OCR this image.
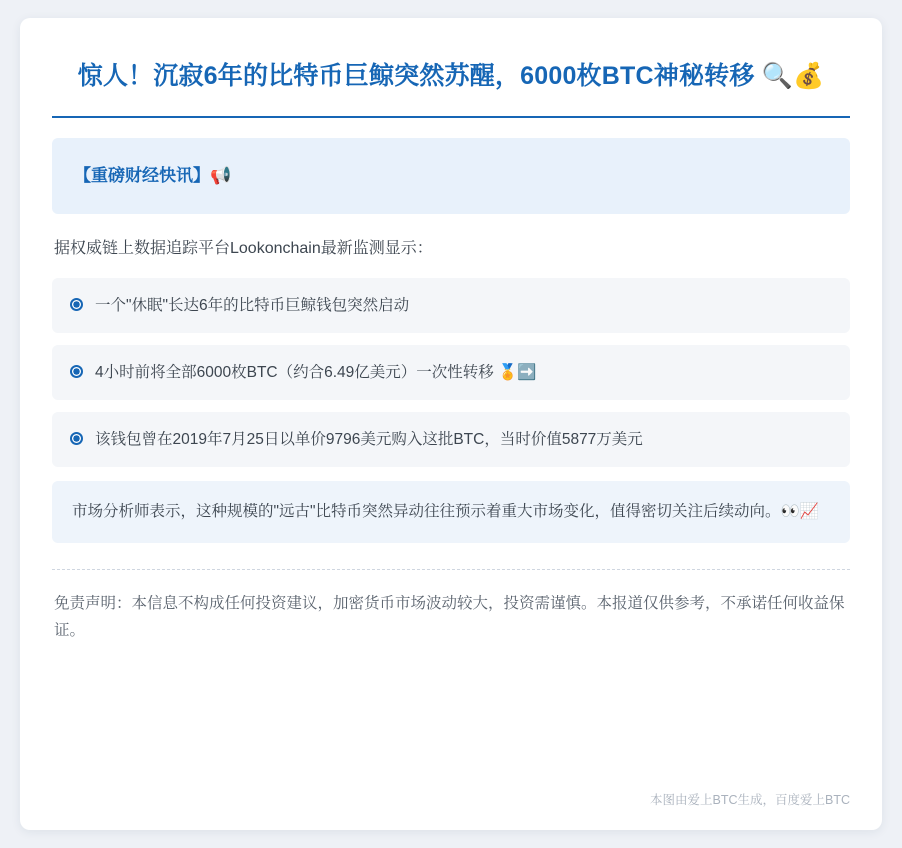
惊人！沉寂6年的比特币巨鲸突然苏醒，6000枚BTC神秘转移 🔍💰
【重磅财经快讯】📢

据权威链上数据追踪平台Lookonchain最新监测显示：

一个"休眠"长达6年的比特币巨鲸钱包突然启动
4小时前将全部6000枚BTC（约合6.49亿美元）一次性转移 🏅➡️
该钱包曾在2019年7月25日以单价9796美元购入这批BTC，当时价值5877万美元
市场分析师表示，这种规模的"远古"比特币突然异动往往预示着重大市场变化，值得密切关注后续动向。👀📈

免责声明：本信息不构成任何投资建议，加密货币市场波动较大，投资需谨慎。本报道仅供参考，不承诺任何收益保证。

本图由爱上BTC生成，百度爱上BTC
